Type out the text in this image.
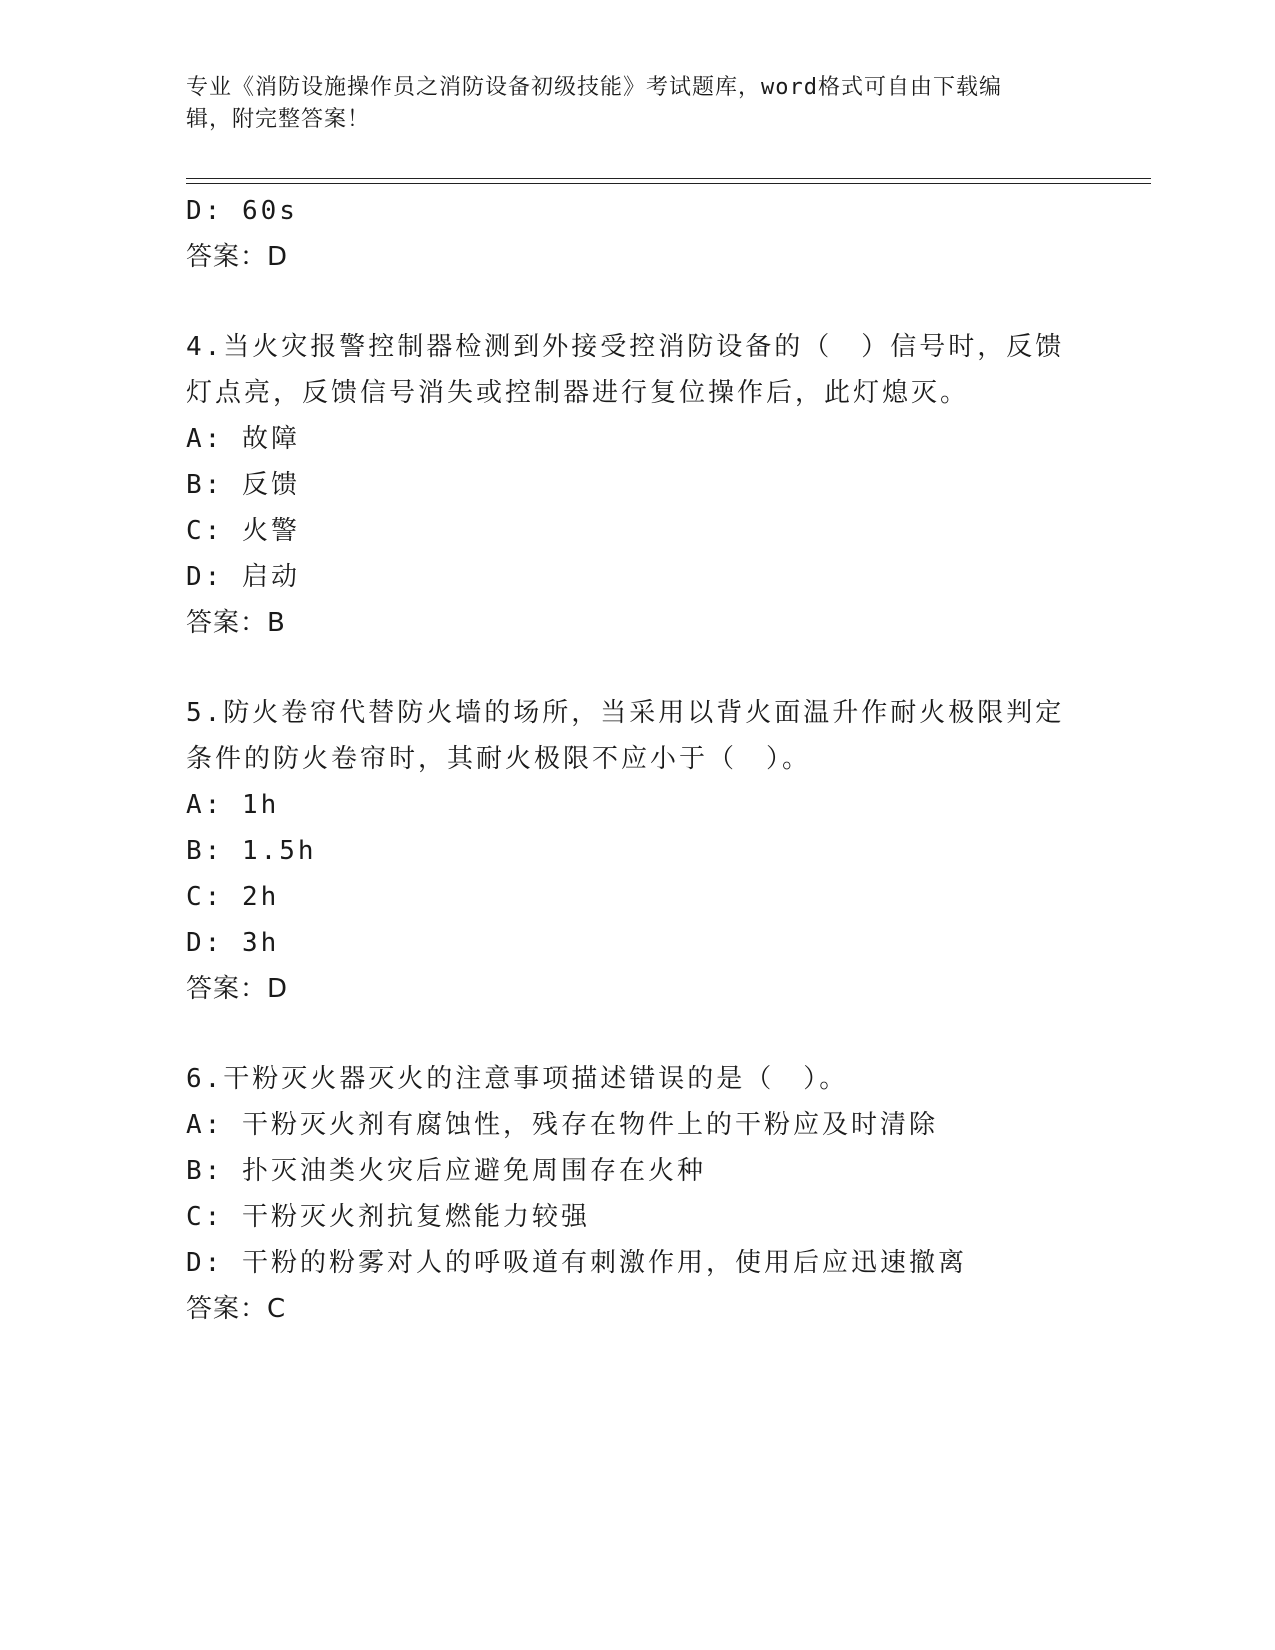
专业《消防设施操作员之消防设备初级技能》考试题库，word格式可自由下载编
辑，附完整答案！
D: 60s
答案：D
4.当火灾报警控制器检测到外接受控消防设备的（　）信号时，反馈
灯点亮，反馈信号消失或控制器进行复位操作后，此灯熄灭。
A: 故障
B: 反馈
C: 火警
D: 启动
答案：B
5.防火卷帘代替防火墙的场所，当采用以背火面温升作耐火极限判定
条件的防火卷帘时，其耐火极限不应小于（　）。
A: 1h
B: 1.5h
C: 2h
D: 3h
答案：D
6.干粉灭火器灭火的注意事项描述错误的是（　）。
A: 干粉灭火剂有腐蚀性，残存在物件上的干粉应及时清除
B: 扑灭油类火灾后应避免周围存在火种
C: 干粉灭火剂抗复燃能力较强
D: 干粉的粉雾对人的呼吸道有刺激作用，使用后应迅速撤离
答案：C
